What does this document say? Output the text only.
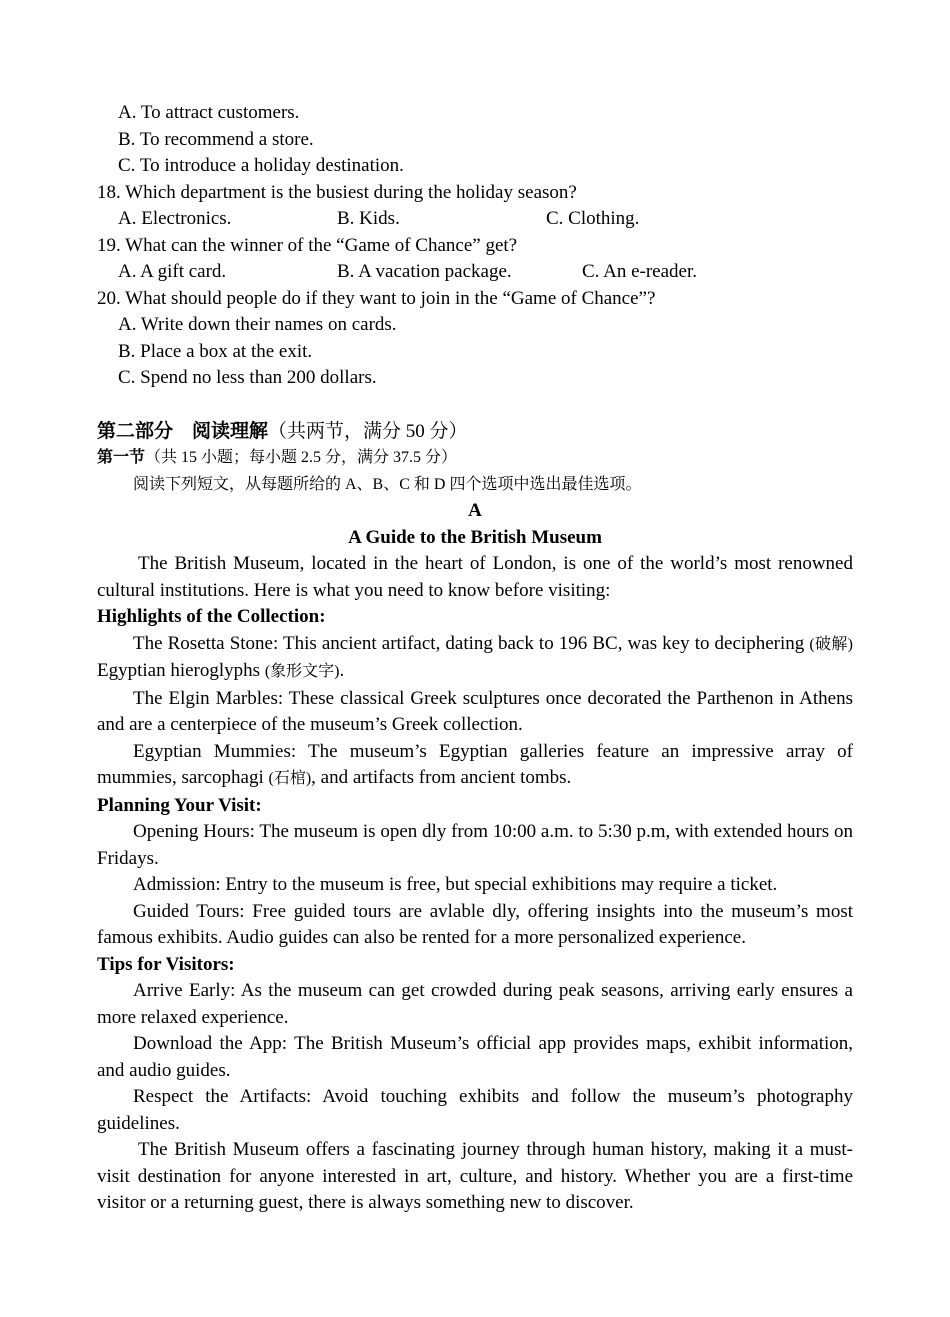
A. To attract customers.
B. To recommend a store.
C. To introduce a holiday destination.
18. Which department is the busiest during the holiday season?
A. Electronics.	B. Kids.	C. Clothing.
19. What can the winner of the “Game of Chance” get?
A. A gift card.	B. A vacation package.	C. An e-reader.
20. What should people do if they want to join in the “Game of Chance”?
A. Write down their names on cards.
B. Place a box at the exit.
C. Spend no less than 200 dollars.
第二部分　阅读理解（共两节，满分 50 分）
第一节（共 15 小题；每小题 2.5 分，满分 37.5 分）
阅读下列短文，从每题所给的 A、B、C 和 D 四个选项中选出最佳选项。
A
A Guide to the British Museum
The British Museum, located in the heart of London, is one of the world’s most renowned cultural institutions. Here is what you need to know before visiting:
Highlights of the Collection:
The Rosetta Stone: This ancient artifact, dating back to 196 BC, was key to deciphering (破解) Egyptian hieroglyphs (象形文字).
The Elgin Marbles: These classical Greek sculptures once decorated the Parthenon in Athens and are a centerpiece of the museum’s Greek collection.
Egyptian Mummies: The museum’s Egyptian galleries feature an impressive array of mummies, sarcophagi (石棺), and artifacts from ancient tombs.
Planning Your Visit:
Opening Hours: The museum is open dly from 10:00 a.m. to 5:30 p.m, with extended hours on Fridays.
Admission: Entry to the museum is free, but special exhibitions may require a ticket.
Guided Tours: Free guided tours are avlable dly, offering insights into the museum’s most famous exhibits. Audio guides can also be rented for a more personalized experience.
Tips for Visitors:
Arrive Early: As the museum can get crowded during peak seasons, arriving early ensures a more relaxed experience.
Download the App: The British Museum’s official app provides maps, exhibit information, and audio guides.
Respect the Artifacts: Avoid touching exhibits and follow the museum’s photography guidelines.
The British Museum offers a fascinating journey through human history, making it a must-visit destination for anyone interested in art, culture, and history. Whether you are a first-time visitor or a returning guest, there is always something new to discover.
